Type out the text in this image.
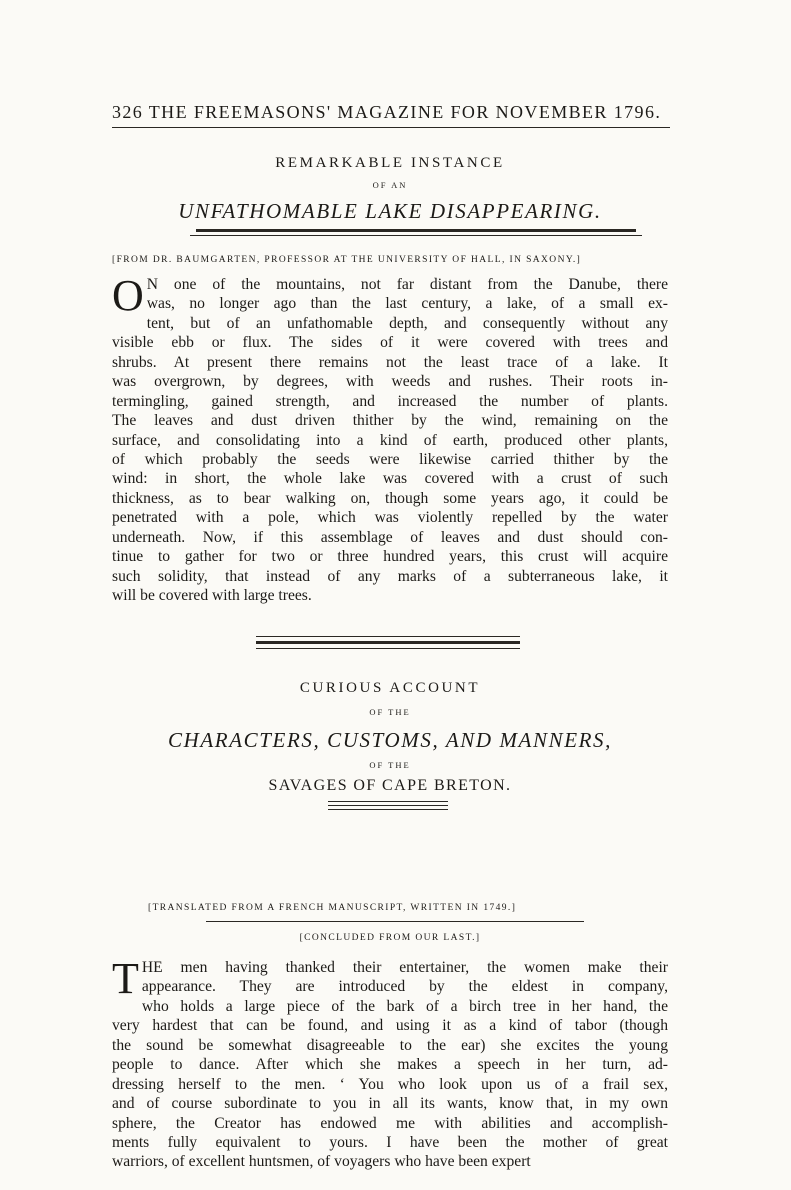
326 THE FREEMASONS' MAGAZINE FOR NOVEMBER 1796.
REMARKABLE INSTANCE
OF AN
UNFATHOMABLE LAKE DISAPPEARING.
[FROM DR. BAUMGARTEN, PROFESSOR AT THE UNIVERSITY OF HALL, IN SAXONY.]
O N one of the mountains, not far distant from the Danube, there
was, no longer ago than the last century, a lake, of a small ex-
tent, but of an unfathomable depth, and consequently without any
visible ebb or flux. The sides of it were covered with trees and
shrubs. At present there remains not the least trace of a lake. It
was overgrown, by degrees, with weeds and rushes. Their roots in-
termingling, gained strength, and increased the number of plants.
The leaves and dust driven thither by the wind, remaining on the
surface, and consolidating into a kind of earth, produced other plants,
of which probably the seeds were likewise carried thither by the
wind: in short, the whole lake was covered with a crust of such
thickness, as to bear walking on, though some years ago, it could be
penetrated with a pole, which was violently repelled by the water
underneath. Now, if this assemblage of leaves and dust should con-
tinue to gather for two or three hundred years, this crust will acquire
such solidity, that instead of any marks of a subterraneous lake, it
will be covered with large trees.
CURIOUS ACCOUNT
OF THE
CHARACTERS, CUSTOMS, AND MANNERS,
OF THE
SAVAGES OF CAPE BRETON.
[TRANSLATED FROM A FRENCH MANUSCRIPT, WRITTEN IN 1749.]
[CONCLUDED FROM OUR LAST.]
T HE men having thanked their entertainer, the women make their
appearance. They are introduced by the eldest in company,
who holds a large piece of the bark of a birch tree in her hand, the
very hardest that can be found, and using it as a kind of tabor (though
the sound be somewhat disagreeable to the ear) she excites the young
people to dance. After which she makes a speech in her turn, ad-
dressing herself to the men. ‘ You who look upon us of a frail sex,
and of course subordinate to you in all its wants, know that, in my own
sphere, the Creator has endowed me with abilities and accomplish-
ments fully equivalent to yours. I have been the mother of great
warriors, of excellent huntsmen, of voyagers who have been expert
